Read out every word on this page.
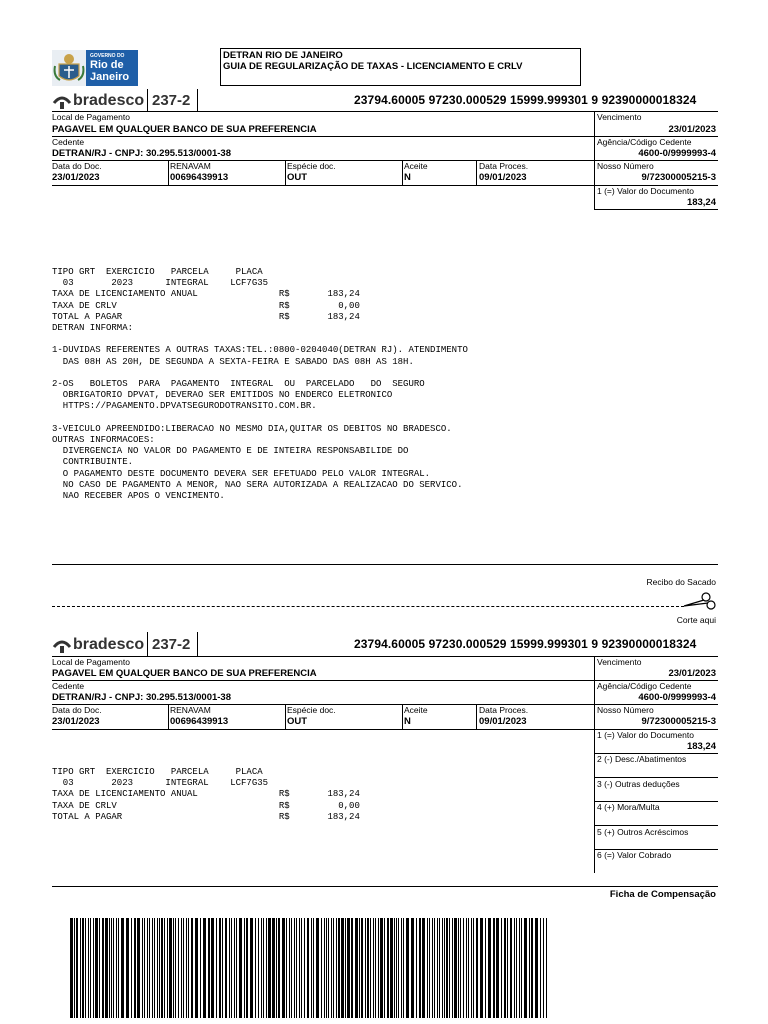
GOVERNO DO
Rio de
Janeiro
DETRAN RIO DE JANEIRO
GUIA DE REGULARIZAÇÃO DE TAXAS - LICENCIAMENTO E CRLV
bradesco 237-2	23794.60005 97230.000529 15999.999301 9 92390000018324
Local de Pagamento
PAGAVEL EM QUALQUER BANCO DE SUA PREFERENCIA
Vencimento
23/01/2023
Cedente
DETRAN/RJ - CNPJ: 30.295.513/0001-38
Agência/Código Cedente
4600-0/9999993-4
Data do Doc.
23/01/2023
RENAVAM
00696439913
Espécie doc.
OUT
Aceite
N
Data Proces.
09/01/2023
Nosso Número
9/72300005215-3
1 (=) Valor do Documento
183,24
TIPO GRT  EXERCICIO   PARCELA     PLACA
03       2023      INTEGRAL    LCF7G35
TAXA DE LICENCIAMENTO ANUAL               R$       183,24
TAXA DE CRLV                              R$         0,00
TOTAL A PAGAR                             R$       183,24
DETRAN INFORMA:

1-DUVIDAS REFERENTES A OUTRAS TAXAS:TEL.:0800-0204040(DETRAN RJ). ATENDIMENTO
DAS 08H AS 20H, DE SEGUNDA A SEXTA-FEIRA E SABADO DAS 08H AS 18H.

2-OS   BOLETOS  PARA  PAGAMENTO  INTEGRAL  OU  PARCELADO   DO  SEGURO
OBRIGATORIO DPVAT, DEVERAO SER EMITIDOS NO ENDERCO ELETRONICO
HTTPS://PAGAMENTO.DPVATSEGURODOTRANSITO.COM.BR.

3-VEICULO APREENDIDO:LIBERACAO NO MESMO DIA,QUITAR OS DEBITOS NO BRADESCO.
OUTRAS INFORMACOES:
DIVERGENCIA NO VALOR DO PAGAMENTO E DE INTEIRA RESPONSABILIDE DO
CONTRIBUINTE.
O PAGAMENTO DESTE DOCUMENTO DEVERA SER EFETUADO PELO VALOR INTEGRAL.
NO CASO DE PAGAMENTO A MENOR, NAO SERA AUTORIZADA A REALIZACAO DO SERVICO.
NAO RECEBER APOS O VENCIMENTO.
Recibo do Sacado
Corte aqui
bradesco 237-2	23794.60005 97230.000529 15999.999301 9 92390000018324
Local de Pagamento
PAGAVEL EM QUALQUER BANCO DE SUA PREFERENCIA
Vencimento
23/01/2023
Cedente
DETRAN/RJ - CNPJ: 30.295.513/0001-38
Agência/Código Cedente
4600-0/9999993-4
Data do Doc.
23/01/2023
RENAVAM
00696439913
Espécie doc.
OUT
Aceite
N
Data Proces.
09/01/2023
Nosso Número
9/72300005215-3
1 (=) Valor do Documento
183,24
2 (-) Desc./Abatimentos
3 (-) Outras deduções
4 (+) Mora/Multa
5 (+) Outros Acréscimos
6 (=) Valor Cobrado
TIPO GRT  EXERCICIO   PARCELA     PLACA
03       2023      INTEGRAL    LCF7G35
TAXA DE LICENCIAMENTO ANUAL               R$       183,24
TAXA DE CRLV                              R$         0,00
TOTAL A PAGAR                             R$       183,24
Ficha de Compensação
